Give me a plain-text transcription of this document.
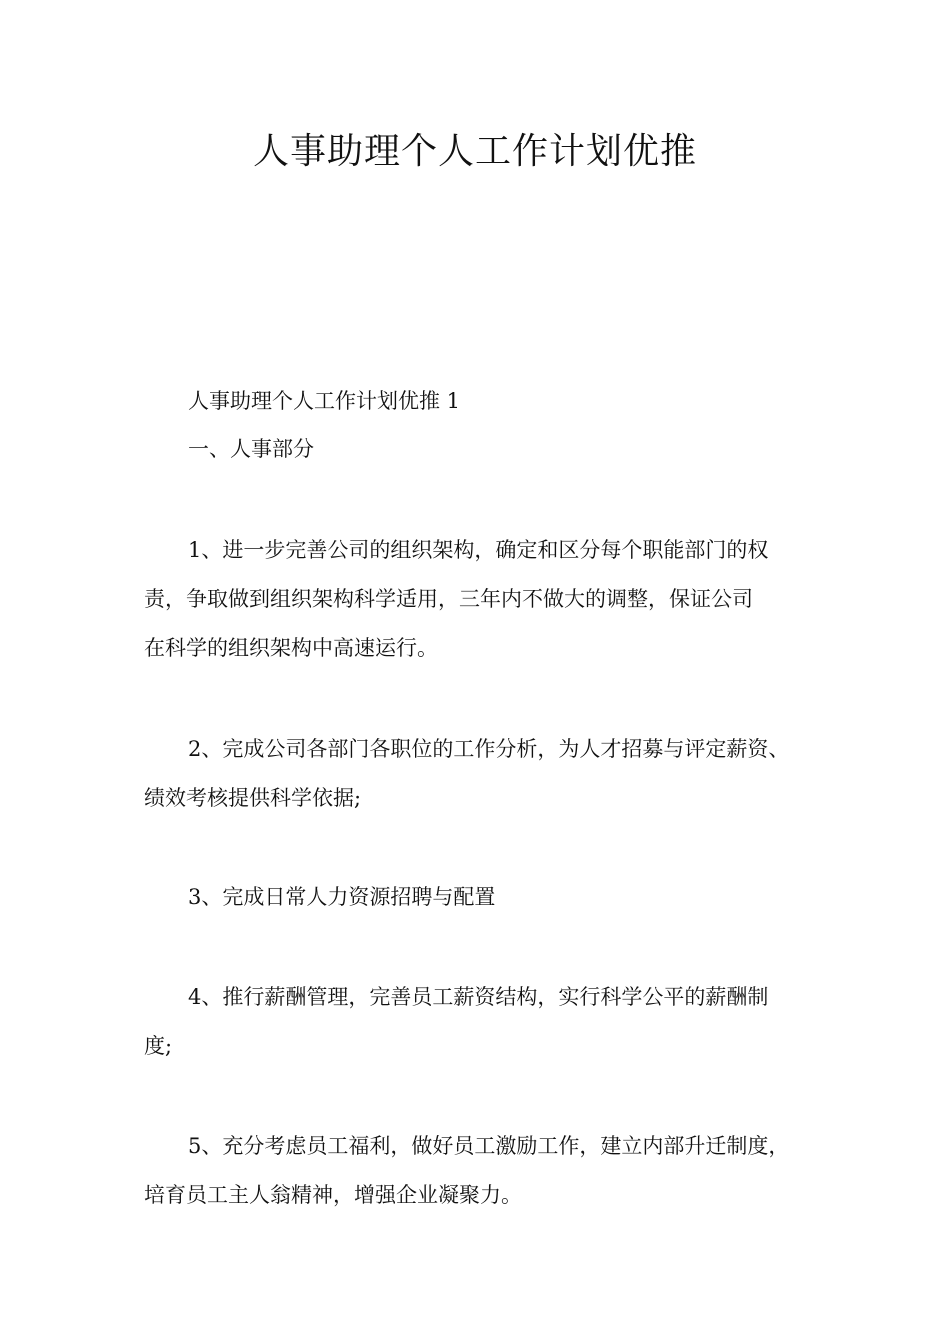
人事助理个人工作计划优推

人事助理个人工作计划优推 1

一、人事部分

1、进一步完善公司的组织架构，确定和区分每个职能部门的权

责，争取做到组织架构科学适用，三年内不做大的调整，保证公司

在科学的组织架构中高速运行。

2、完成公司各部门各职位的工作分析，为人才招募与评定薪资、

绩效考核提供科学依据;

3、完成日常人力资源招聘与配置

4、推行薪酬管理，完善员工薪资结构，实行科学公平的薪酬制

度;

5、充分考虑员工福利，做好员工激励工作，建立内部升迁制度，

培育员工主人翁精神，增强企业凝聚力。
